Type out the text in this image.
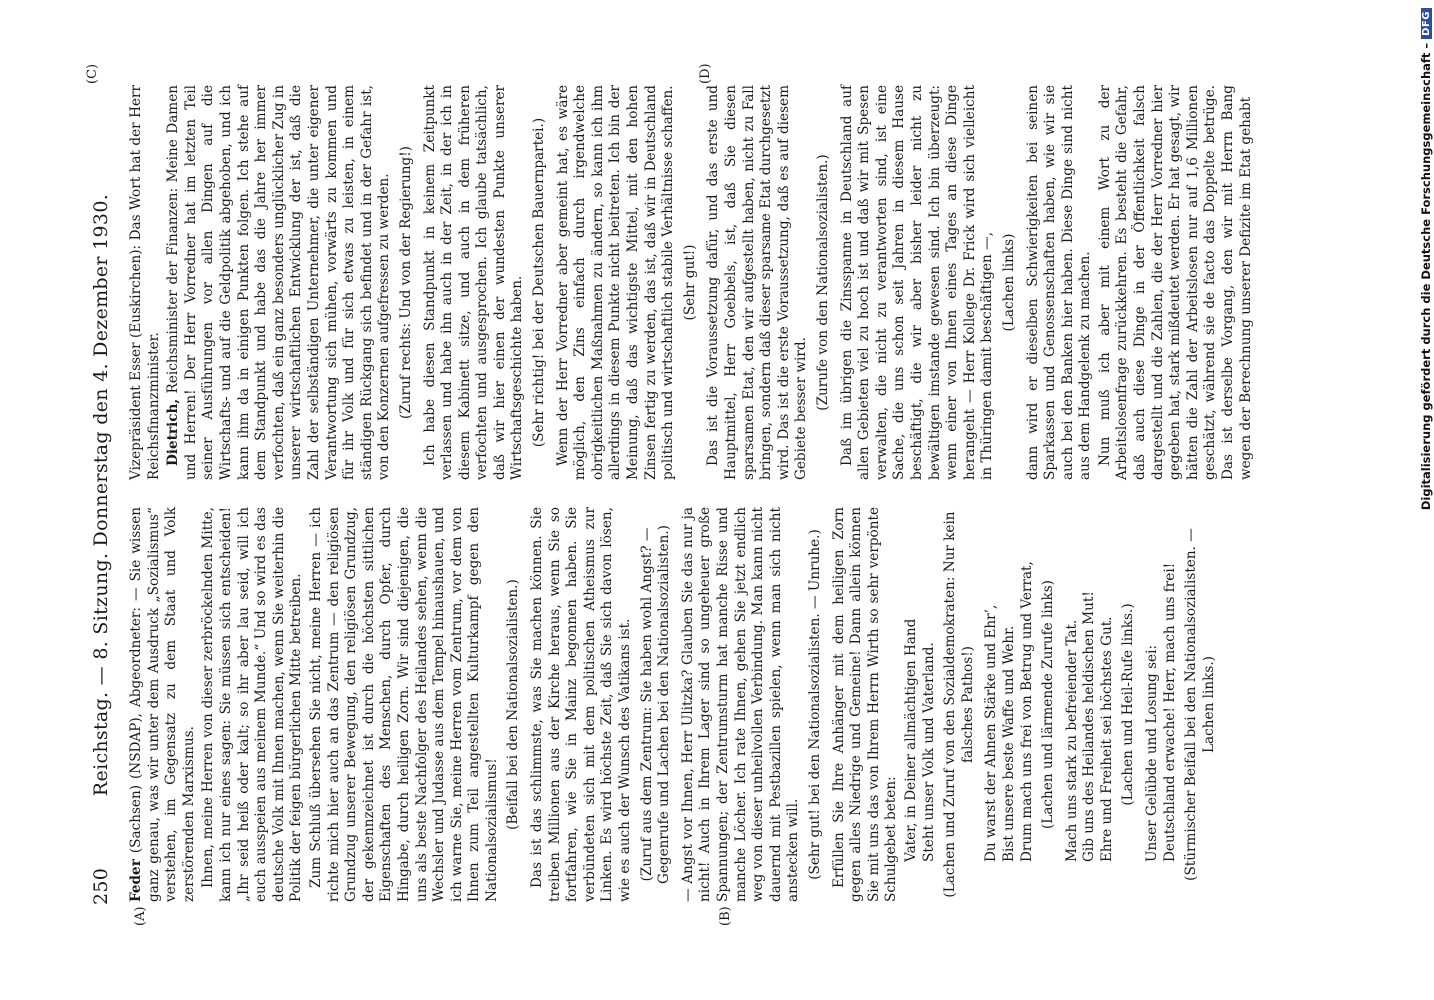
250
Reichstag. — 8. Sitzung. Donnerstag den 4. Dezember 1930.
(A)	(B)
(C)	(D)

Feder (Sachsen) (NSDAP), Abgeordneter: — Sie wissen ganz genau, was wir unter dem Ausdruck „Sozialismus“ verstehen, im Gegensatz zu dem Staat und Volk zerstörenden Marxismus. Ihnen, meine Herren von dieser zerbröckelnden Mitte, kann ich nur eines sagen: Sie müssen sich entscheiden! „Ihr seid heiß oder kalt; so ihr aber lau seid, will ich euch ausspeien aus meinem Munde.“ Und so wird es das deutsche Volk mit Ihnen machen, wenn Sie weiterhin die Politik der feigen bürgerlichen Mitte betreiben. Zum Schluß übersehen Sie nicht, meine Herren — ich richte mich hier auch an das Zentrum — den religiösen Grundzug unserer Bewegung, den religiösen Grundzug, der gekennzeichnet ist durch die höchsten sittlichen Eigenschaften des Menschen, durch Opfer, durch Hingabe, durch heiligen Zorn. Wir sind diejenigen, die uns als beste Nachfolger des Heilandes sehen, wenn die Wechsler und Judasse aus dem Tempel hinaushauen, und ich warne Sie, meine Herren vom Zentrum, vor dem von Ihnen zum Teil angestellten Kulturkampf gegen den Nationalsozialismus!

(Beifall bei den Nationalsozialisten.) Das ist das schlimmste, was Sie machen können. Sie treiben Millionen aus der Kirche heraus, wenn Sie so fortfahren, wie Sie in Mainz begonnen haben. Sie verbündeten sich mit dem politischen Atheismus zur Linken. Es wird höchste Zeit, daß Sie sich davon lösen, wie es auch der Wunsch des Vatikans ist. (Zuruf aus dem Zentrum: Sie haben wohl Angst? — Gegenrufe und Lachen bei den Nationalsozialisten.) — Angst vor Ihnen, Herr Ulitzka? Glauben Sie das nur ja nicht! Auch in Ihrem Lager sind so ungeheuer große Spannungen; der Zentrumsturm hat manche Risse und manche Löcher. Ich rate Ihnen, gehen Sie jetzt endlich weg von dieser unheilvollen Verbindung. Man kann nicht dauernd mit Pestbazillen spielen, wenn man sich nicht anstecken will. (Sehr gut! bei den Nationalsozialisten. — Unruhe.) Erfüllen Sie Ihre Anhänger mit dem heiligen Zorn gegen alles Niedrige und Gemeine! Dann allein können Sie mit uns das von Ihrem Herrn Wirth so sehr verpönte Schulgebet beten: Vater, in Deiner allmächtigen Hand Steht unser Volk und Vaterland. (Lachen und Zuruf von den Sozialdemokraten: Nur kein falsches Pathos!) Du warst der Ahnen Stärke und Ehr’, Bist unsere beste Waffe und Wehr. Drum mach uns frei von Betrug und Verrat, (Lachen und lärmende Zurufe links) Mach uns stark zu befreiender Tat. Gib uns des Heilandes heldischen Mut! Ehre und Freiheit sei höchstes Gut. (Lachen und Heil-Rufe links.) Unser Gelübde und Losung sei: Deutschland erwache! Herr, mach uns frei! (Stürmischer Beifall bei den Nationalsozialisten. — Lachen links.)

Vizepräsident Esser (Euskirchen): Das Wort hat der Herr Reichsfinanzminister. Dietrich, Reichsminister der Finanzen: Meine Damen und Herren! Der Herr Vorredner hat im letzten Teil seiner Ausführungen vor allen Dingen auf die Wirtschafts- und auf die Geldpolitik abgehoben, und ich kann ihm da in einigen Punkten folgen. Ich stehe auf dem Standpunkt und habe das die Jahre her immer verfochten, daß ein ganz besonders unglücklicher Zug in unserer wirtschaftlichen Entwicklung der ist, daß die Zahl der selbständigen Unternehmer, die unter eigener Verantwortung sich mühen, vorwärts zu kommen und für ihr Volk und für sich etwas zu leisten, in einem ständigen Rückgang sich befindet und in der Gefahr ist, von den Konzernen aufgefressen zu werden. (Zuruf rechts: Und von der Regierung!) Ich habe diesen Standpunkt in keinem Zeitpunkt verlassen und habe ihn auch in der Zeit, in der ich in diesem Kabinett sitze, und auch in dem früheren verfochten und ausgesprochen. Ich glaube tatsächlich, daß wir hier einen der wundesten Punkte unserer Wirtschaftsgeschichte haben. (Sehr richtig! bei der Deutschen Bauernpartei.) Wenn der Herr Vorredner aber gemeint hat, es wäre möglich, den Zins einfach durch irgendwelche obrigkeitlichen Maßnahmen zu ändern, so kann ich ihm allerdings in diesem Punkte nicht beitreten. Ich bin der Meinung, daß das wichtigste Mittel, mit den hohen Zinsen fertig zu werden, das ist, daß wir in Deutschland politisch und wirtschaftlich stabile Verhältnisse schaffen. (Sehr gut!) Das ist die Voraussetzung dafür, und das erste und Hauptmittel, Herr Goebbels, ist, daß Sie diesen sparsamen Etat, den wir aufgestellt haben, nicht zu Fall bringen, sondern daß dieser sparsame Etat durchgesetzt wird. Das ist die erste Voraussetzung, daß es auf diesem Gebiete besser wird. (Zurufe von den Nationalsozialisten.) Daß im übrigen die Zinsspanne in Deutschland auf allen Gebieten viel zu hoch ist und daß wir mit Spesen verwalten, die nicht zu verantworten sind, ist eine Sache, die uns schon seit Jahren in diesem Hause beschäftigt, die wir aber bisher leider nicht zu bewältigen imstande gewesen sind. Ich bin überzeugt: wenn einer von Ihnen eines Tages an diese Dinge herangeht — Herr Kollege Dr. Frick wird sich vielleicht in Thüringen damit beschäftigen —, (Lachen links) dann wird er dieselben Schwierigkeiten bei seinen Sparkassen und Genossenschaften haben, wie wir sie auch bei den Banken hier haben. Diese Dinge sind nicht aus dem Handgelenk zu machen. Nun muß ich aber mit einem Wort zu der Arbeitslosenfrage zurückkehren. Es besteht die Gefahr, daß auch diese Dinge in der Öffentlichkeit falsch dargestellt und die Zahlen, die der Herr Vorredner hier gegeben hat, stark mißdeutet werden. Er hat gesagt, wir hätten die Zahl der Arbeitslosen nur auf 1,6 Millionen geschätzt, während sie de facto das Doppelte betrüge. Das ist derselbe Vorgang, den wir mit Herrn Bang wegen der Berechnung unserer Defizite im Etat gehabt	Digitalisierung gefördert durch die Deutsche Forschungsgemeinschaft –
DFG
